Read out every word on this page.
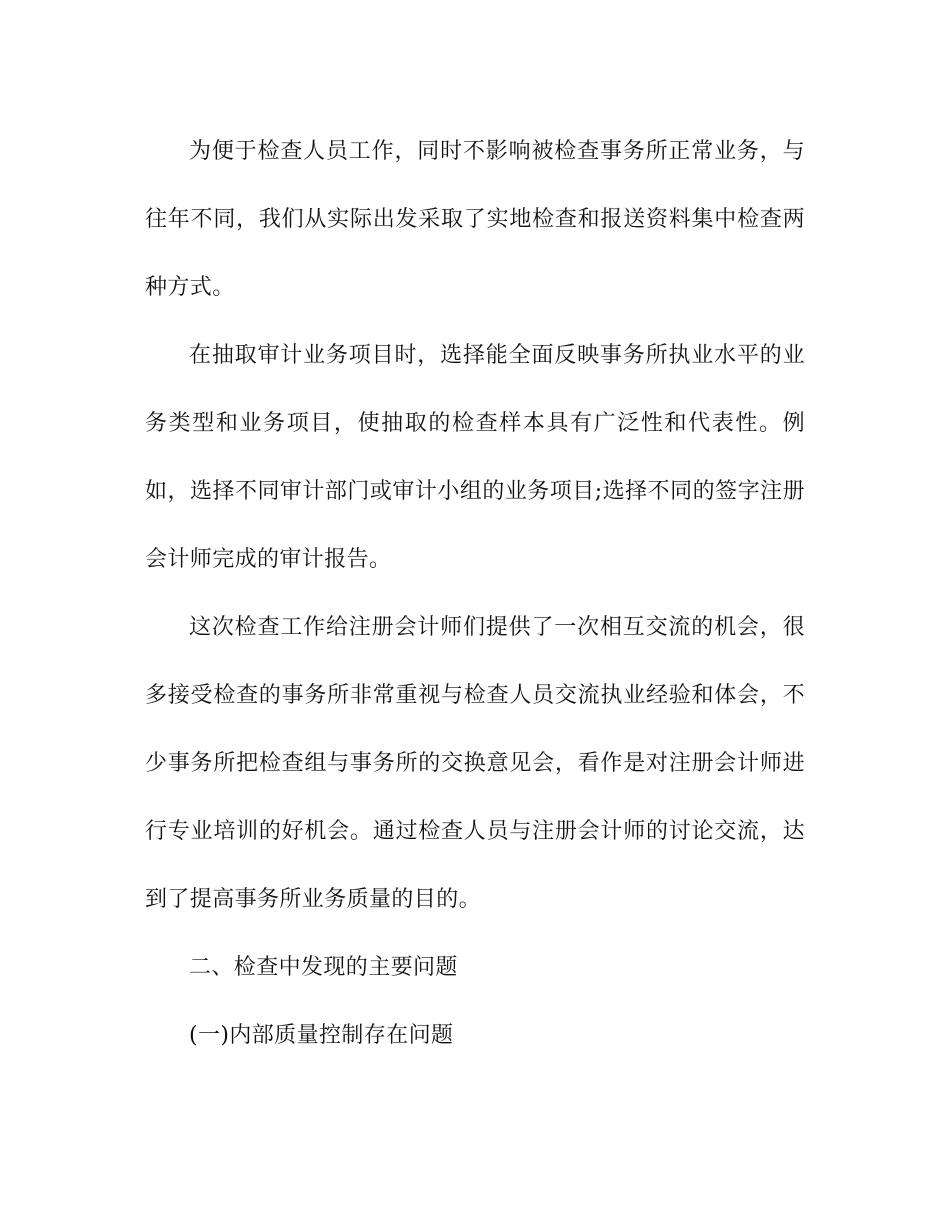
为便于检查人员工作，同时不影响被检查事务所正常业务，与往年不同，我们从实际出发采取了实地检查和报送资料集中检查两种方式。

在抽取审计业务项目时，选择能全面反映事务所执业水平的业务类型和业务项目，使抽取的检查样本具有广泛性和代表性。例如，选择不同审计部门或审计小组的业务项目;选择不同的签字注册会计师完成的审计报告。

这次检查工作给注册会计师们提供了一次相互交流的机会，很多接受检查的事务所非常重视与检查人员交流执业经验和体会，不少事务所把检查组与事务所的交换意见会，看作是对注册会计师进行专业培训的好机会。通过检查人员与注册会计师的讨论交流，达到了提高事务所业务质量的目的。

二、检查中发现的主要问题

(一)内部质量控制存在问题
